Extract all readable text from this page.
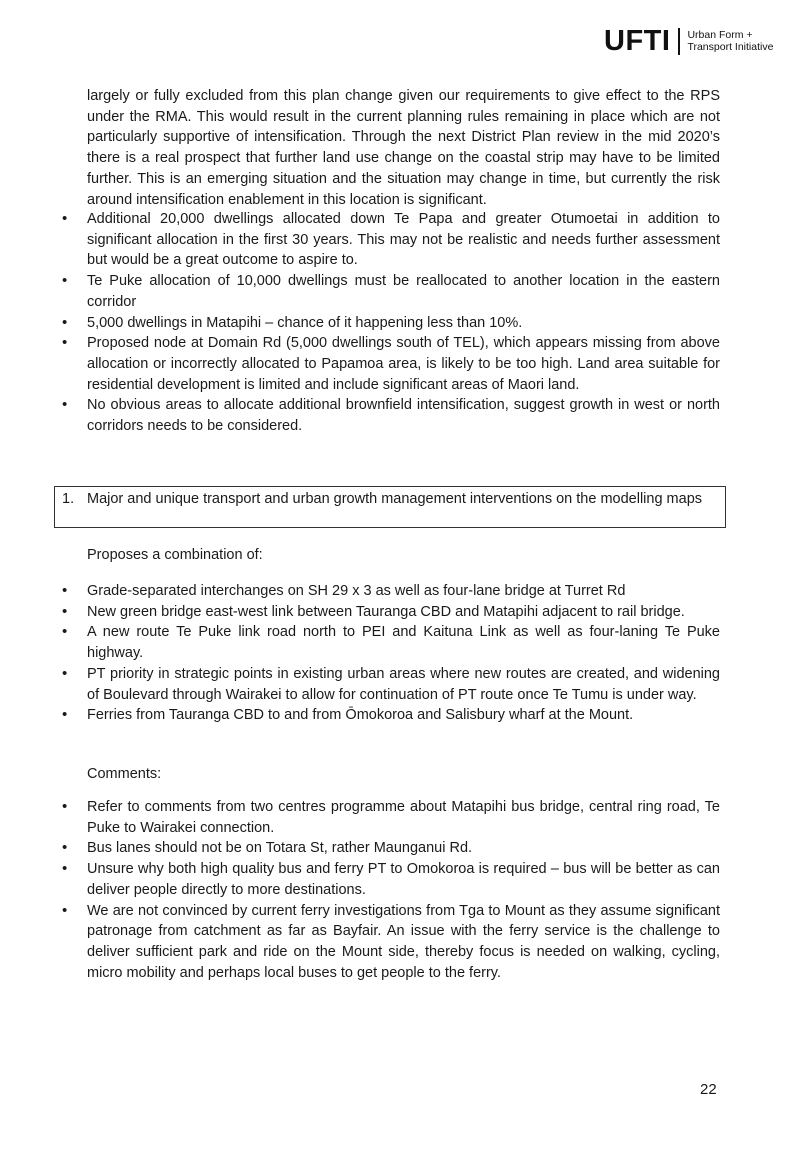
UFTI Urban Form +
Transport Initiative

largely or fully excluded from this plan change given our requirements to give effect to the RPS under the RMA. This would result in the current planning rules remaining in place which are not particularly supportive of intensification. Through the next District Plan review in the mid 2020’s there is a real prospect that further land use change on the coastal strip may have to be limited further. This is an emerging situation and the situation may change in time, but currently the risk around intensification enablement in this location is significant.

• Additional 20,000 dwellings allocated down Te Papa and greater Otumoetai in addition to significant allocation in the first 30 years. This may not be realistic and needs further assessment but would be a great outcome to aspire to.
• Te Puke allocation of 10,000 dwellings must be reallocated to another location in the eastern corridor
• 5,000 dwellings in Matapihi – chance of it happening less than 10%.
• Proposed node at Domain Rd (5,000 dwellings south of TEL), which appears missing from above allocation or incorrectly allocated to Papamoa area, is likely to be too high. Land area suitable for residential development is limited and include significant areas of Maori land.
• No obvious areas to allocate additional brownfield intensification, suggest growth in west or north corridors needs to be considered.
1. Major and unique transport and urban growth management interventions on the modelling maps

Proposes a combination of:

• Grade-separated interchanges on SH 29 x 3 as well as four-lane bridge at Turret Rd
• New green bridge east-west link between Tauranga CBD and Matapihi adjacent to rail bridge.
• A new route Te Puke link road north to PEI and Kaituna Link as well as four-laning Te Puke highway.
• PT priority in strategic points in existing urban areas where new routes are created, and widening of Boulevard through Wairakei to allow for continuation of PT route once Te Tumu is under way.
• Ferries from Tauranga CBD to and from Ōmokoroa and Salisbury wharf at the Mount.

Comments:

• Refer to comments from two centres programme about Matapihi bus bridge, central ring road, Te Puke to Wairakei connection.
• Bus lanes should not be on Totara St, rather Maunganui Rd.
• Unsure why both high quality bus and ferry PT to Omokoroa is required – bus will be better as can deliver people directly to more destinations.
• We are not convinced by current ferry investigations from Tga to Mount as they assume significant patronage from catchment as far as Bayfair. An issue with the ferry service is the challenge to deliver sufficient park and ride on the Mount side, thereby focus is needed on walking, cycling, micro mobility and perhaps local buses to get people to the ferry.
22
